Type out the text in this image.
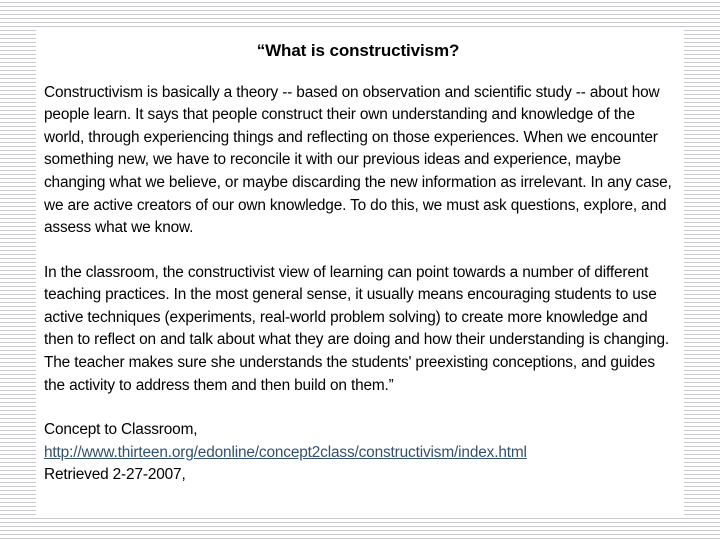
“What is constructivism?

Constructivism is basically a theory -- based on observation and scientific study -- about how people learn. It says that people construct their own understanding and knowledge of the world, through experiencing things and reflecting on those experiences. When we encounter something new, we have to reconcile it with our previous ideas and experience, maybe changing what we believe, or maybe discarding the new information as irrelevant. In any case, we are active creators of our own knowledge. To do this, we must ask questions, explore, and assess what we know.

In the classroom, the constructivist view of learning can point towards a number of different teaching practices. In the most general sense, it usually means encouraging students to use active techniques (experiments, real-world problem solving) to create more knowledge and then to reflect on and talk about what they are doing and how their understanding is changing. The teacher makes sure she understands the students' preexisting conceptions, and guides the activity to address them and then build on them.”

Concept to Classroom,

http://www.thirteen.org/edonline/concept2class/constructivism/index.html

Retrieved 2-27-2007,
